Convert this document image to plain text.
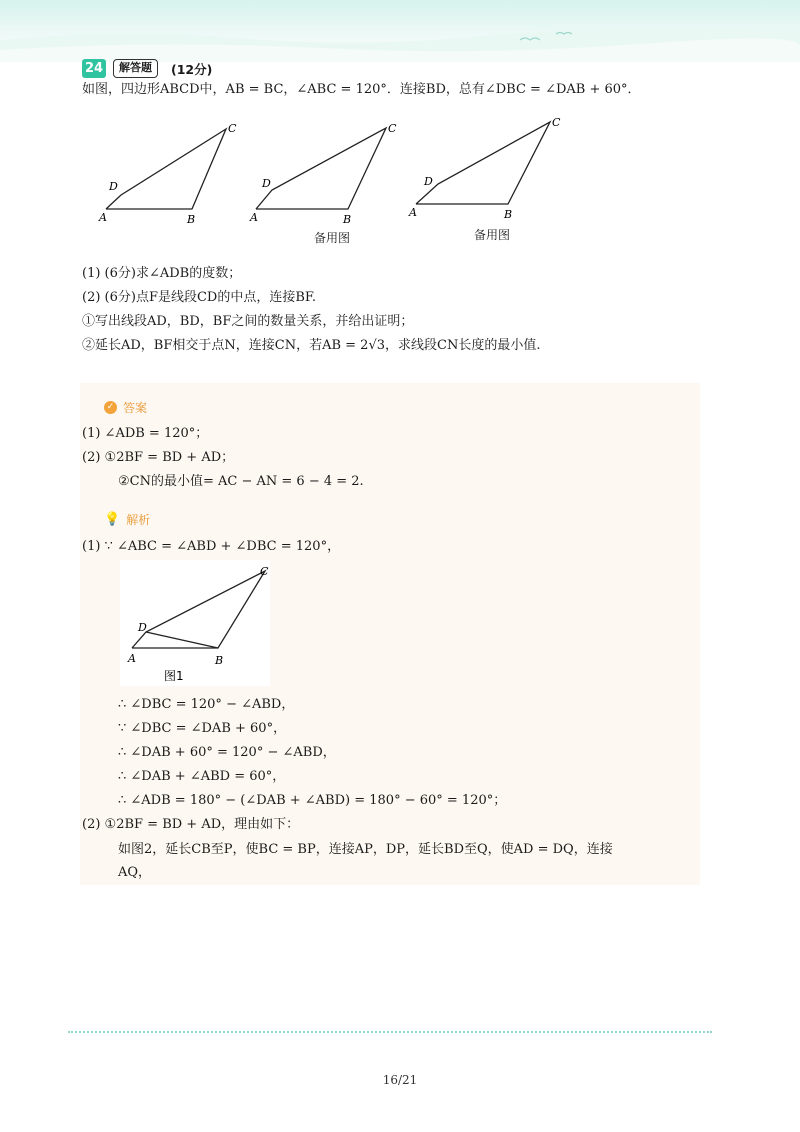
24	解答题	(12分)
如图，四边形ABCD中，AB = BC，∠ABC = 120°．连接BD，总有∠DBC = ∠DAB + 60°．
A	B
C
D
A	B
C
D
备用图
A	B
C
D
备用图
(1) (6分)求∠ADB的度数；
(2) (6分)点F是线段CD的中点，连接BF.
①写出线段AD，BD，BF之间的数量关系，并给出证明；
②延长AD，BF相交于点N，连接CN，若AB = 2√3，求线段CN长度的最小值.
✓ 答案
(1) ∠ADB = 120°；
(2) ①2BF = BD + AD；
②CN的最小值= AC − AN = 6 − 4 = 2.
💡 解析
(1) ∵ ∠ABC = ∠ABD + ∠DBC = 120°，
A	B
C
D
图1
∴ ∠DBC = 120° − ∠ABD，
∵ ∠DBC = ∠DAB + 60°，
∴ ∠DAB + 60° = 120° − ∠ABD，
∴ ∠DAB + ∠ABD = 60°，
∴ ∠ADB = 180° − (∠DAB + ∠ABD) = 180° − 60° = 120°；
(2) ①2BF = BD + AD，理由如下：
如图2，延长CB至P，使BC = BP，连接AP，DP，延长BD至Q，使AD = DQ，连接
AQ，
16/21
